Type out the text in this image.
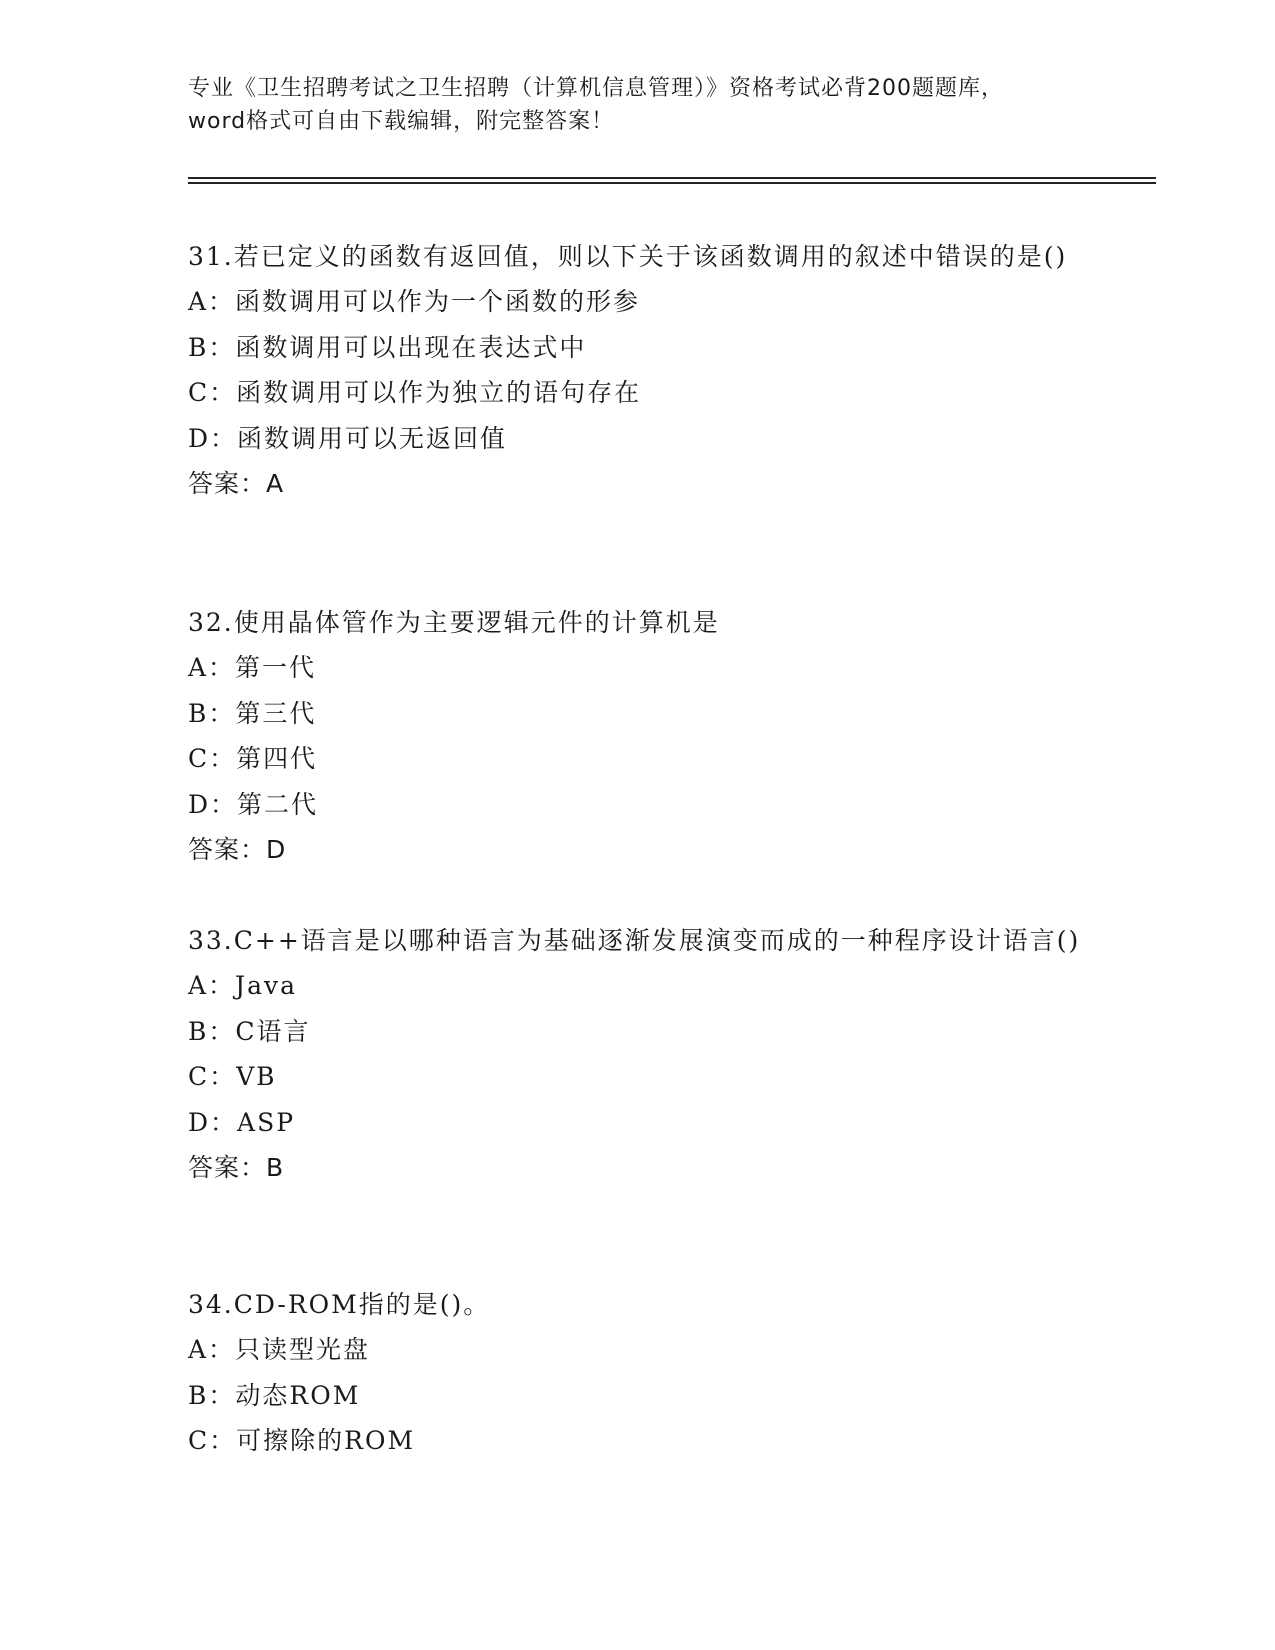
专业《卫生招聘考试之卫生招聘（计算机信息管理）》资格考试必背200题题库，
word格式可自由下载编辑，附完整答案！
31.若已定义的函数有返回值，则以下关于该函数调用的叙述中错误的是()
A：函数调用可以作为一个函数的形参
B：函数调用可以出现在表达式中
C：函数调用可以作为独立的语句存在
D：函数调用可以无返回值
答案：A
32.使用晶体管作为主要逻辑元件的计算机是
A：第一代
B：第三代
C：第四代
D：第二代
答案：D
33.C++语言是以哪种语言为基础逐渐发展演变而成的一种程序设计语言()
A：Java
B：C语言
C：VB
D：ASP
答案：B
34.CD-ROM指的是()。
A：只读型光盘
B：动态ROM
C：可擦除的ROM
